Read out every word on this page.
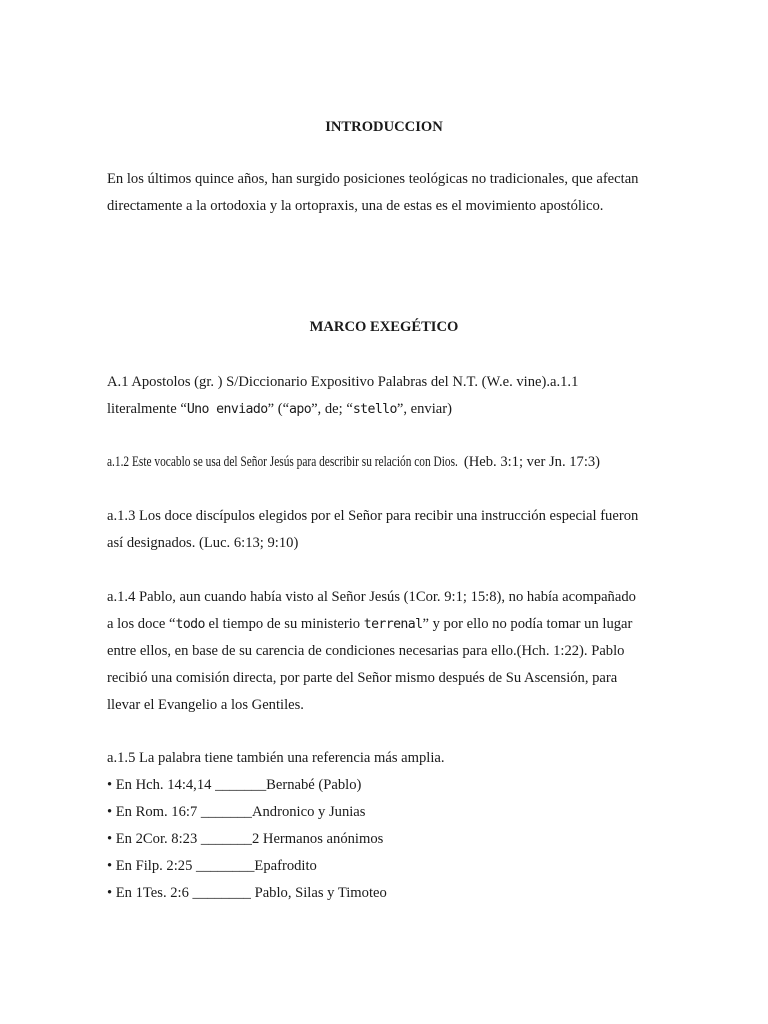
INTRODUCCION

En los últimos quince años, han surgido posiciones teológicas no tradicionales, que afectan
directamente a la ortodoxia y la ortopraxis, una de estas es el movimiento apostólico.

MARCO EXEGÉTICO

A.1 Apostolos (gr. ) S/Diccionario Expositivo Palabras del N.T. (W.e. vine).a.1.1
literalmente “Uno enviado” (“apo”, de; “stello”, enviar)

a.1.2 Este vocablo se usa del Señor Jesús para describir su relación con Dios. (Heb. 3:1; ver Jn. 17:3)

a.1.3 Los doce discípulos elegidos por el Señor para recibir una instrucción especial fueron
así designados. (Luc. 6:13; 9:10)

a.1.4 Pablo, aun cuando había visto al Señor Jesús (1Cor. 9:1; 15:8), no había acompañado
a los doce “todo el tiempo de su ministerio terrenal” y por ello no podía tomar un lugar
entre ellos, en base de su carencia de condiciones necesarias para ello.(Hch. 1:22). Pablo
recibió una comisión directa, por parte del Señor mismo después de Su Ascensión, para
llevar el Evangelio a los Gentiles.

a.1.5 La palabra tiene también una referencia más amplia.
• En Hch. 14:4,14 _______Bernabé (Pablo)
• En Rom. 16:7 _______Andronico y Junias
• En 2Cor. 8:23 _______2 Hermanos anónimos
• En Filp. 2:25 ________Epafrodito
• En 1Tes. 2:6 ________ Pablo, Silas y Timoteo
